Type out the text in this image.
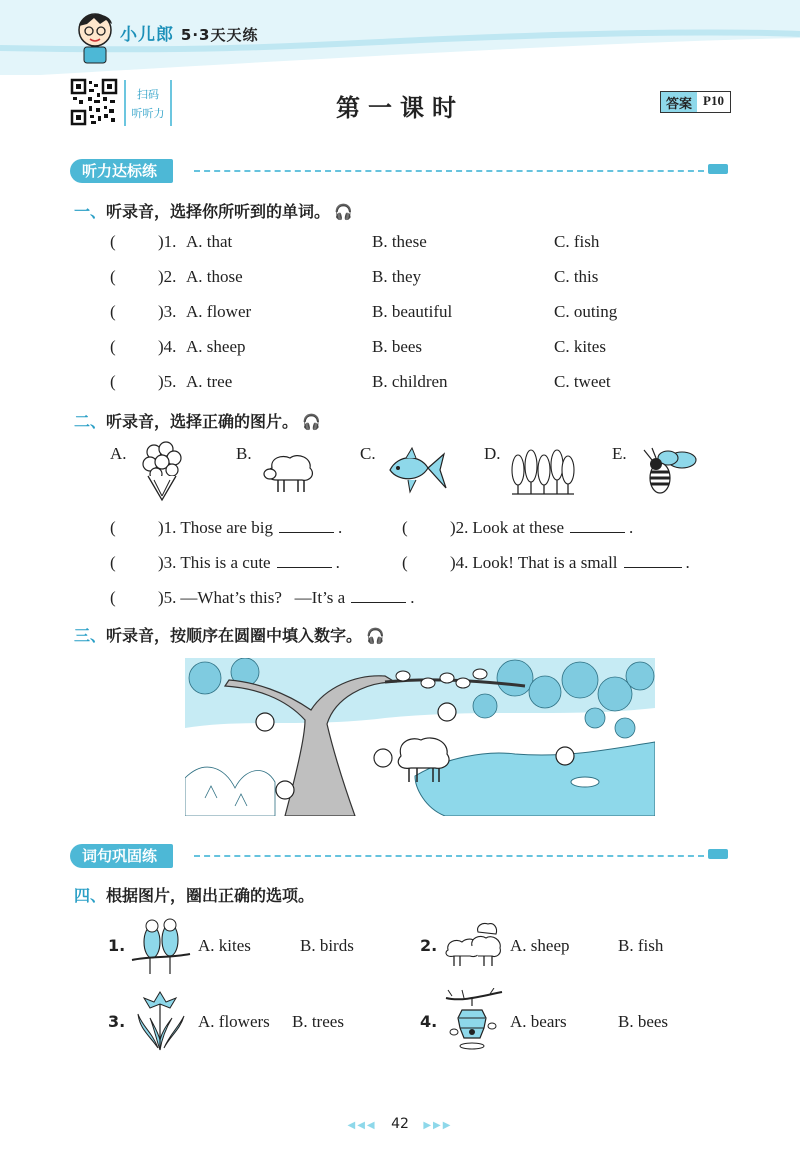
小儿郎 5·3天天练
扫码
听听力	第一课时	答案 P10
听力达标练
一、听录音，选择你所听到的单词。 🎧
( )1. A. that	B. these	C. fish
( )2. A. those	B. they	C. this
( )3. A. flower	B. beautiful	C. outing
( )4. A. sheep	B. bees	C. kites
( )5. A. tree	B. children	C. tweet
二、听录音，选择正确的图片。 🎧
A.	B.	C.	D.	E.
( )1. Those are big	.	( )2. Look at these	.
( )3. This is a cute	.	( )4. Look! That is a small	.
( )5. —What’s this?   —It’s a	.
三、听录音，按顺序在圆圈中填入数字。 🎧
词句巩固练
四、根据图片，圈出正确的选项。
1.	A. kites	B. birds	2.	A. sheep	B. fish
3.	A. flowers B. trees	4.	A. bears	B. bees
◀◀◀ 42 ▶▶▶
